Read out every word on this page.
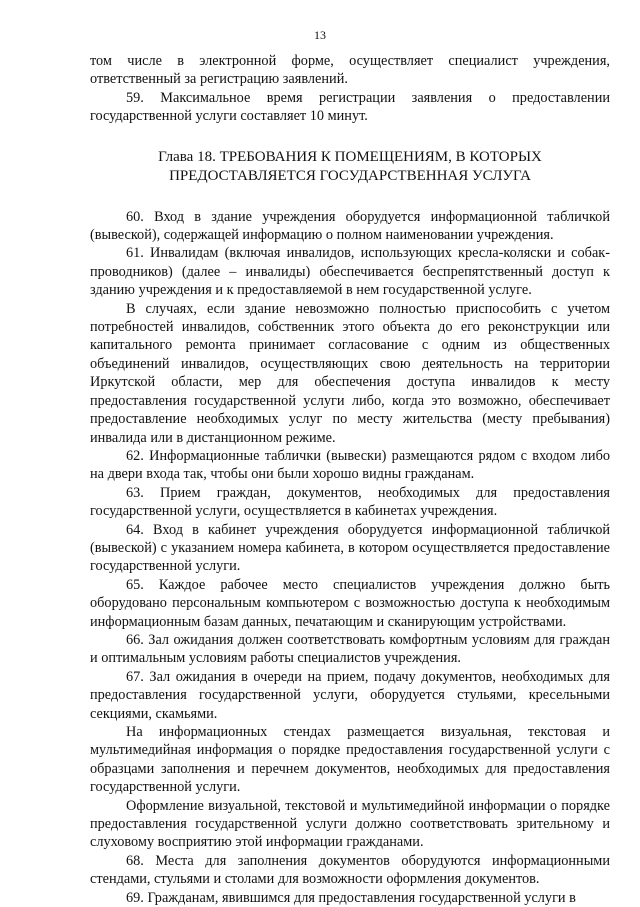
13

том числе в электронной форме, осуществляет специалист учреждения, ответственный за регистрацию заявлений.

59. Максимальное время регистрации заявления о предоставлении государственной услуги составляет 10 минут.

Глава 18. ТРЕБОВАНИЯ К ПОМЕЩЕНИЯМ, В КОТОРЫХ
ПРЕДОСТАВЛЯЕТСЯ ГОСУДАРСТВЕННАЯ УСЛУГА

60. Вход в здание учреждения оборудуется информационной табличкой (вывеской), содержащей информацию о полном наименовании учреждения.

61. Инвалидам (включая инвалидов, использующих кресла-коляски и собак-проводников) (далее – инвалиды) обеспечивается беспрепятственный доступ к зданию учреждения и к предоставляемой в нем государственной услуге.

В случаях, если здание невозможно полностью приспособить с учетом потребностей инвалидов, собственник этого объекта до его реконструкции или капитального ремонта принимает согласование с одним из общественных объединений инвалидов, осуществляющих свою деятельность на территории Иркутской области, мер для обеспечения доступа инвалидов к месту предоставления государственной услуги либо, когда это возможно, обеспечивает предоставление необходимых услуг по месту жительства (месту пребывания) инвалида или в дистанционном режиме.

62. Информационные таблички (вывески) размещаются рядом с входом либо на двери входа так, чтобы они были хорошо видны гражданам.

63. Прием граждан, документов, необходимых для предоставления государственной услуги, осуществляется в кабинетах учреждения.

64. Вход в кабинет учреждения оборудуется информационной табличкой (вывеской) с указанием номера кабинета, в котором осуществляется предоставление государственной услуги.

65. Каждое рабочее место специалистов учреждения должно быть оборудовано персональным компьютером с возможностью доступа к необходимым информационным базам данных, печатающим и сканирующим устройствами.

66. Зал ожидания должен соответствовать комфортным условиям для граждан и оптимальным условиям работы специалистов учреждения.

67. Зал ожидания в очереди на прием, подачу документов, необходимых для предоставления государственной услуги, оборудуется стульями, кресельными секциями, скамьями.

На информационных стендах размещается визуальная, текстовая и мультимедийная информация о порядке предоставления государственной услуги с образцами заполнения и перечнем документов, необходимых для предоставления государственной услуги.

Оформление визуальной, текстовой и мультимедийной информации о порядке предоставления государственной услуги должно соответствовать зрительному и слуховому восприятию этой информации гражданами.

68. Места для заполнения документов оборудуются информационными стендами, стульями и столами для возможности оформления документов.

69. Гражданам, явившимся для предоставления государственной услуги в
